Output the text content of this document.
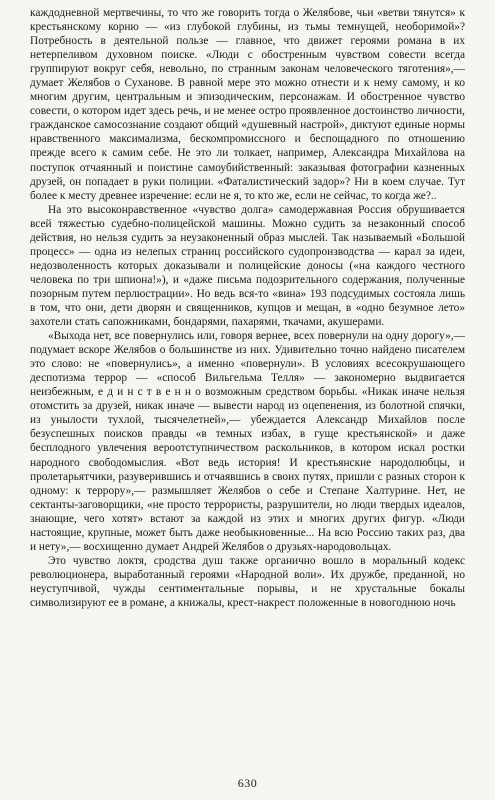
каждодневной мертвечины, то что же говорить тогда о Желябове, чьи «ветви тянутся» к крестьянскому корню — «из глубокой глубины, из тьмы темнущей, необоримой»? Потребность в деятельной пользе — главное, что движет героями романа в их нетерпеливом духовном поиске. «Люди с обостренным чувством совести всегда группируют вокруг себя, невольно, по странным законам человеческого тяготения»,— думает Желябов о Суханове. В равной мере это можно отнести и к нему самому, и ко многим другим, центральным и эпизодическим, персонажам. И обостренное чувство совести, о котором идет здесь речь, и не менее остро проявленное достоинство личности, гражданское самосознание создают общий «душевный настрой», диктуют единые нормы нравственного максимализма, бескомпромиссного и беспощадного по отношению прежде всего к самим себе. Не это ли толкает, например, Александра Михайлова на поступок отчаянный и поистине самоубийственный: заказывая фотографии казненных друзей, он попадает в руки полиции. «Фаталистический задор»? Ни в коем случае. Тут более к месту древнее изречение: если не я, то кто же, если не сейчас, то когда же?..

На это высоконравственное «чувство долга» самодержавная Россия обрушивается всей тяжестью судебно-полицейской машины. Можно судить за незаконный способ действия, но нельзя судить за неузаконенный образ мыслей. Так называемый «Большой процесс» — одна из нелепых страниц российского судопроизводства — карал за идеи, недозволенность которых доказывали и полицейские доносы («на каждого честного человека по три шпиона!»), и «даже письма подозрительного содержания, полученные позорным путем перлюстрации». Но ведь вся-то «вина» 193 подсудимых состояла лишь в том, что они, дети дворян и священников, купцов и мещан, в «одно безумное лето» захотели стать сапожниками, бондарями, пахарями, ткачами, акушерами.

«Выхода нет, все повернулись или, говоря вернее, всех повернули на одну дорогу»,— подумает вскоре Желябов о большинстве из них. Удивительно точно найдено писателем это слово: не «повернулись», а именно «повернули». В условиях всесокрушающего деспотизма террор — «способ Вильгельма Телля» — закономерно выдвигается неизбежным, е д и н с т в е н н о возможным средством борьбы. «Никак иначе нельзя отомстить за друзей, никак иначе — вывести народ из оцепенения, из болотной спячки, из унылости тухлой, тысячелетней»,— убеждается Александр Михайлов после безуспешных поисков правды «в темных избах, в гуще крестьянской» и даже бесплодного увлечения вероотступничеством раскольников, в котором искал ростки народного свободомыслия. «Вот ведь история! И крестьянские народолюбцы, и пролетарьятчики, разуверившись и отчаявшись в своих путях, пришли с разных сторон к одному: к террору»,— размышляет Желябов о себе и Степане Халтурине. Нет, не сектанты-заговорщики, «не просто террористы, разрушители, но люди твердых идеалов, знающие, чего хотят» встают за каждой из этих и многих других фигур. «Люди настоящие, крупные, может быть даже необыкновенные... На всю Россию таких раз, два и нету»,— восхищенно думает Андрей Желябов о друзьях-народовольцах.

Это чувство локтя, сродства душ также органично вошло в моральный кодекс революционера, выработанный героями «Народной воли». Их дружбе, преданной, но неуступчивой, чужды сентиментальные порывы, и не хрустальные бокалы символизируют ее в романе, а книжалы, крест-накрест положенные в новогоднюю ночь

630
